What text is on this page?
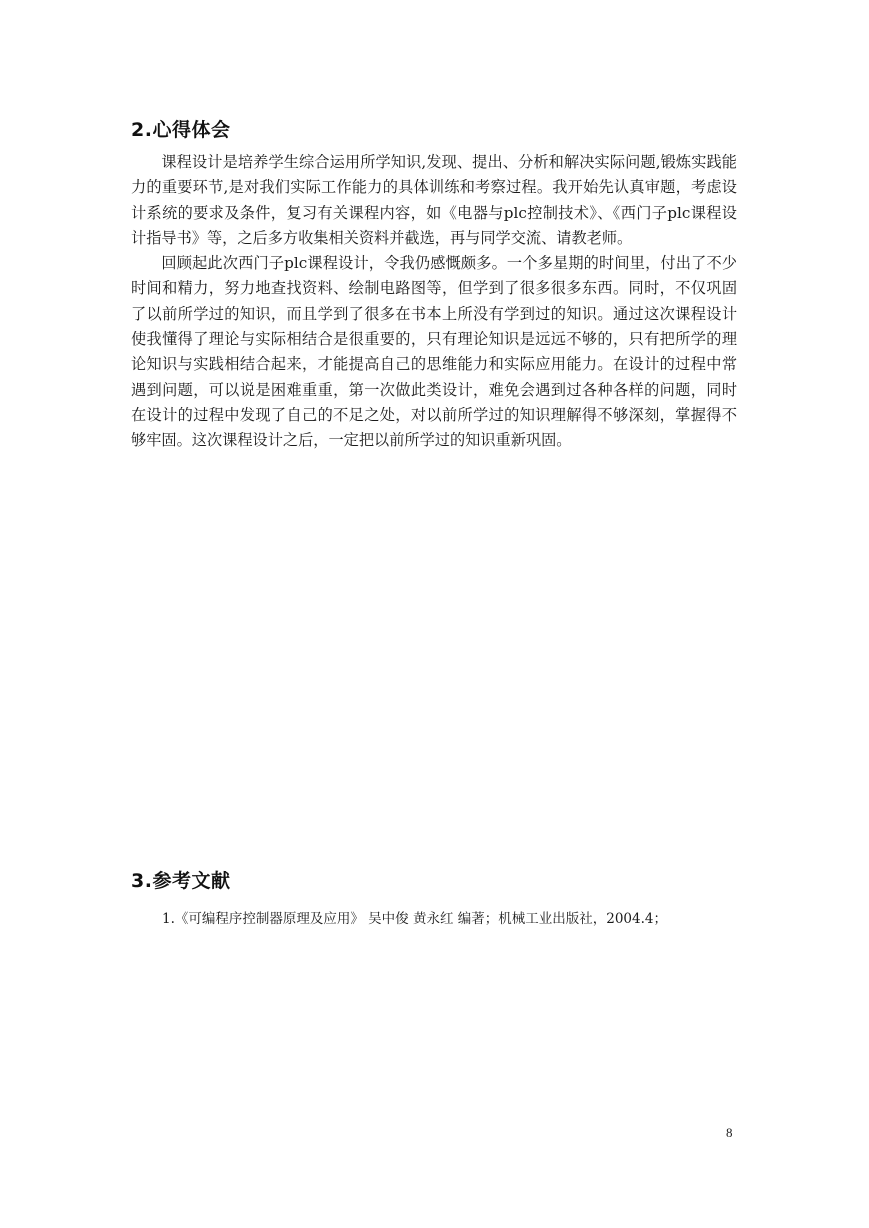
2.心得体会

课程设计是培养学生综合运用所学知识,发现、提出、分析和解决实际问题,锻炼实践能力的重要环节,是对我们实际工作能力的具体训练和考察过程。我开始先认真审题，考虑设计系统的要求及条件，复习有关课程内容，如《电器与plc控制技术》、《西门子plc课程设计指导书》等，之后多方收集相关资料并截选，再与同学交流、请教老师。

回顾起此次西门子plc课程设计，令我仍感慨颇多。一个多星期的时间里，付出了不少时间和精力，努力地查找资料、绘制电路图等，但学到了很多很多东西。同时，不仅巩固了以前所学过的知识，而且学到了很多在书本上所没有学到过的知识。通过这次课程设计使我懂得了理论与实际相结合是很重要的，只有理论知识是远远不够的，只有把所学的理论知识与实践相结合起来，才能提高自己的思维能力和实际应用能力。在设计的过程中常遇到问题，可以说是困难重重，第一次做此类设计，难免会遇到过各种各样的问题，同时在设计的过程中发现了自己的不足之处，对以前所学过的知识理解得不够深刻，掌握得不够牢固。这次课程设计之后，一定把以前所学过的知识重新巩固。

3.参考文献
1.《可编程序控制器原理及应用》 吴中俊 黄永红 编著；机械工业出版社，2004.4；
8
